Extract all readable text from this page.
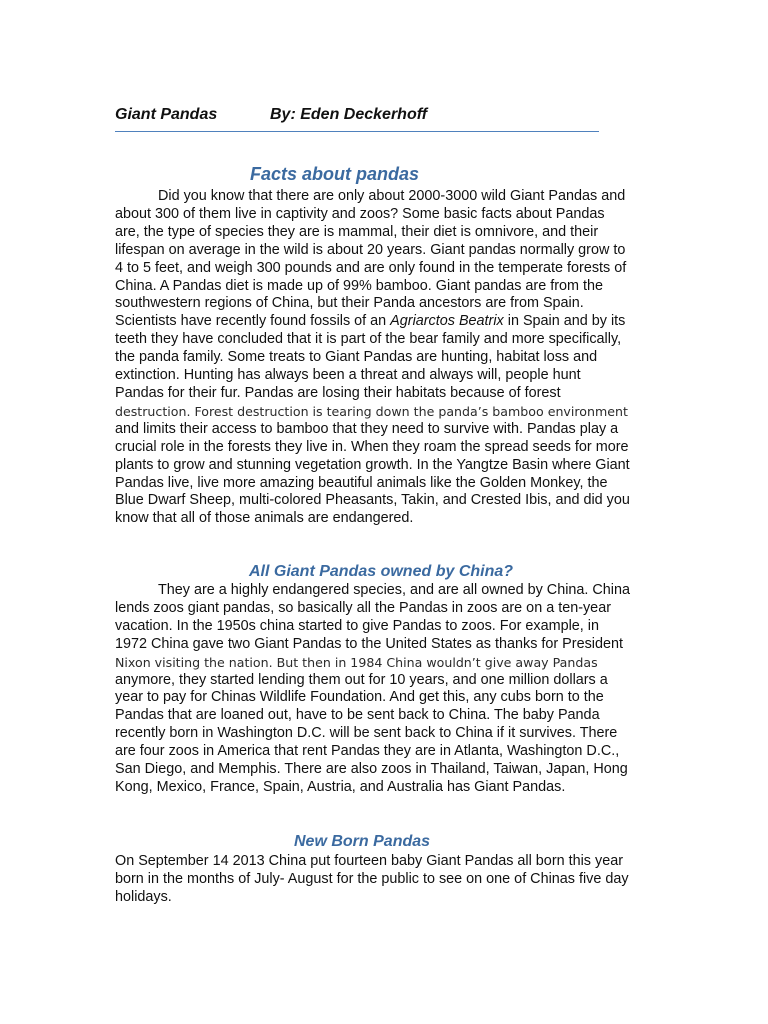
Giant Pandas	By: Eden Deckerhoff
Facts about pandas
Did you know that there are only about 2000-3000 wild Giant Pandas and
about 300 of them live in captivity and zoos? Some basic facts about Pandas
are, the type of species they are is mammal, their diet is omnivore, and their
lifespan on average in the wild is about 20 years. Giant pandas normally grow to
4 to 5 feet, and weigh 300 pounds and are only found in the temperate forests of
China. A Pandas diet is made up of 99% bamboo. Giant pandas are from the
southwestern regions of China, but their Panda ancestors are from Spain.
Scientists have recently found fossils of an Agriarctos Beatrix in Spain and by its
teeth they have concluded that it is part of the bear family and more specifically,
the panda family. Some treats to Giant Pandas are hunting, habitat loss and
extinction. Hunting has always been a threat and always will, people hunt
Pandas for their fur. Pandas are losing their habitats because of forest
destruction. Forest destruction is tearing down the panda’s bamboo environment
and limits their access to bamboo that they need to survive with. Pandas play a
crucial role in the forests they live in. When they roam the spread seeds for more
plants to grow and stunning vegetation growth. In the Yangtze Basin where Giant
Pandas live, live more amazing beautiful animals like the Golden Monkey, the
Blue Dwarf Sheep, multi-colored Pheasants, Takin, and Crested Ibis, and did you
know that all of those animals are endangered.
All Giant Pandas owned by China?
They are a highly endangered species, and are all owned by China. China
lends zoos giant pandas, so basically all the Pandas in zoos are on a ten-year
vacation. In the 1950s china started to give Pandas to zoos. For example, in
1972 China gave two Giant Pandas to the United States as thanks for President
Nixon visiting the nation. But then in 1984 China wouldn’t give away Pandas
anymore, they started lending them out for 10 years, and one million dollars a
year to pay for Chinas Wildlife Foundation. And get this, any cubs born to the
Pandas that are loaned out, have to be sent back to China. The baby Panda
recently born in Washington D.C. will be sent back to China if it survives. There
are four zoos in America that rent Pandas they are in Atlanta, Washington D.C.,
San Diego, and Memphis. There are also zoos in Thailand, Taiwan, Japan, Hong
Kong, Mexico, France, Spain, Austria, and Australia has Giant Pandas.
New Born Pandas
On September 14 2013 China put fourteen baby Giant Pandas all born this year
born in the months of July- August for the public to see on one of Chinas five day
holidays.
